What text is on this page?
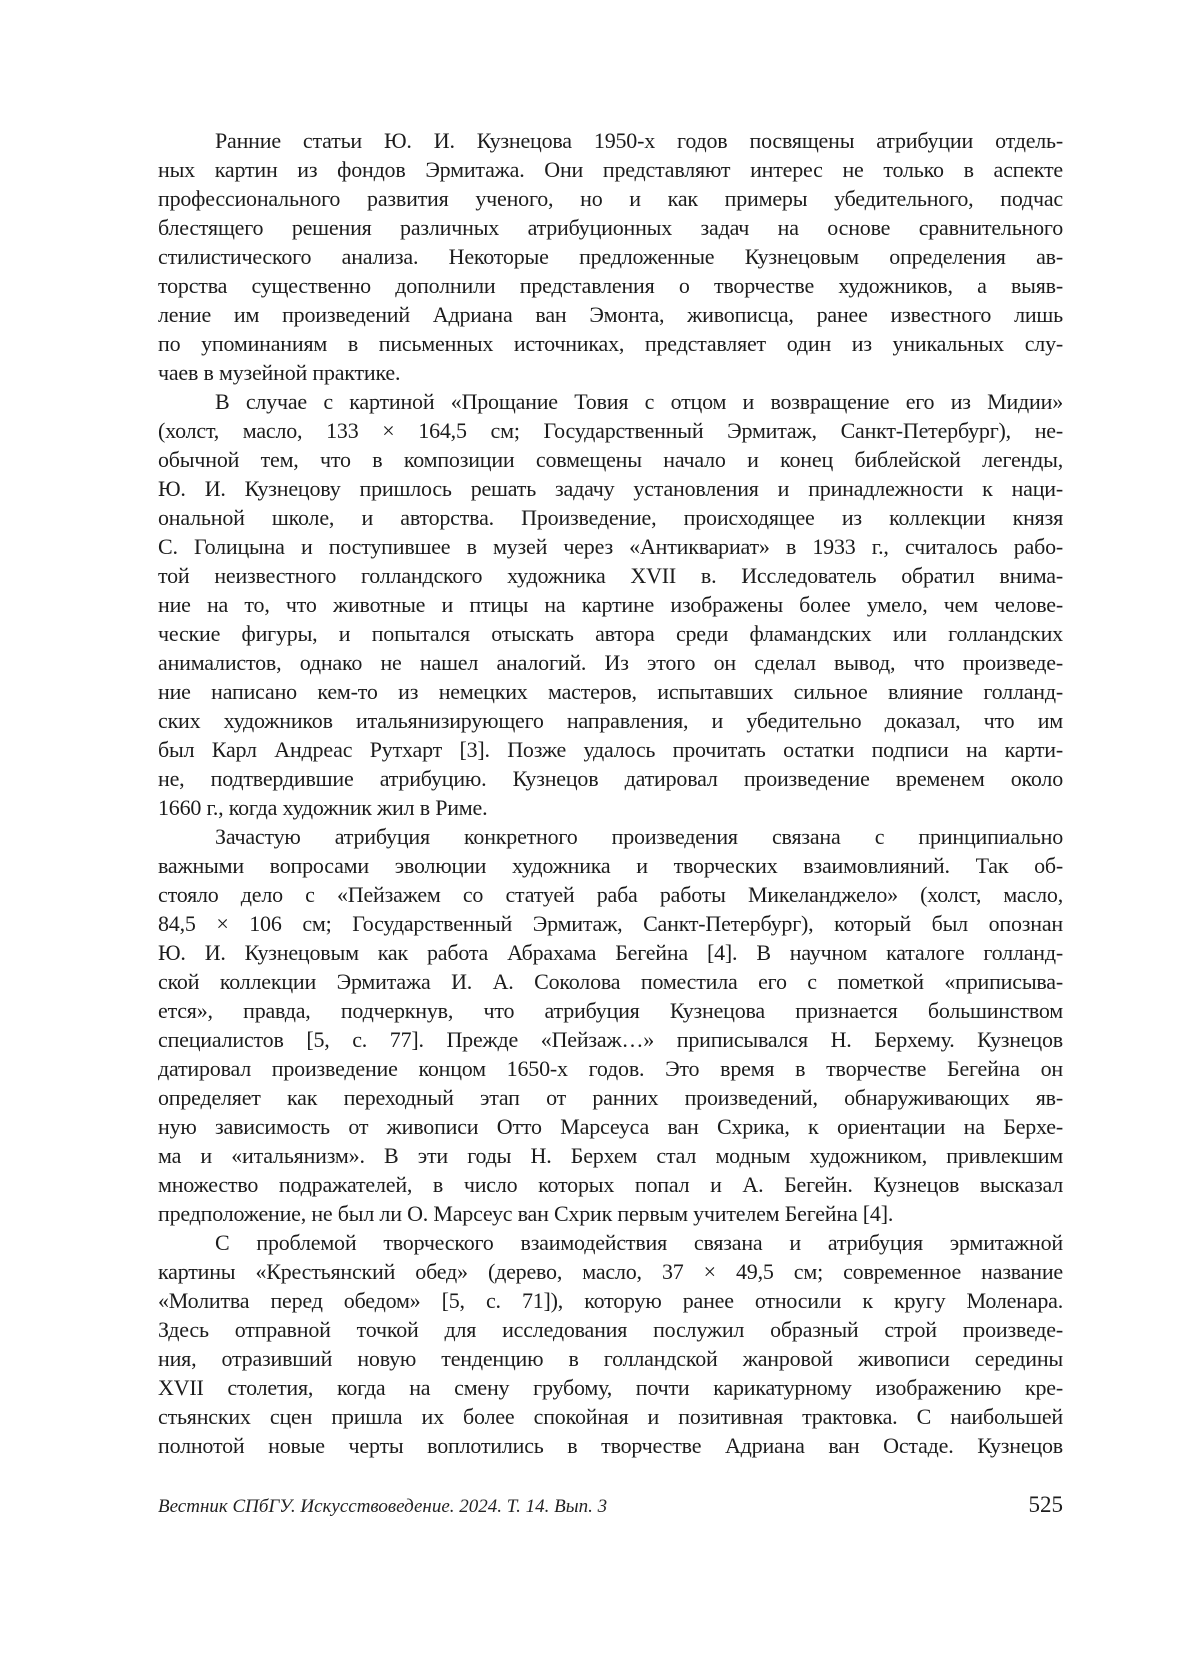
Ранние статьи Ю. И. Кузнецова 1950-х годов посвящены атрибуции отдель-
ных картин из фондов Эрмитажа. Они представляют интерес не только в аспекте
профессионального развития ученого, но и как примеры убедительного, подчас
блестящего решения различных атрибуционных задач на основе сравнительного
стилистического анализа. Некоторые предложенные Кузнецовым определения ав-
торства существенно дополнили представления о творчестве художников, а выяв-
ление им произведений Адриана ван Эмонта, живописца, ранее известного лишь
по упоминаниям в письменных источниках, представляет один из уникальных слу-
чаев в музейной практике.
В случае с картиной «Прощание Товия с отцом и возвращение его из Мидии»
(холст, масло, 133 × 164,5 см; Государственный Эрмитаж, Санкт-Петербург), не-
обычной тем, что в композиции совмещены начало и конец библейской легенды,
Ю. И. Кузнецову пришлось решать задачу установления и принадлежности к наци-
ональной школе, и авторства. Произведение, происходящее из коллекции князя
С. Голицына и поступившее в музей через «Антиквариат» в 1933 г., считалось рабо-
той неизвестного голландского художника XVII в. Исследователь обратил внима-
ние на то, что животные и птицы на картине изображены более умело, чем челове-
ческие фигуры, и попытался отыскать автора среди фламандских или голландских
анималистов, однако не нашел аналогий. Из этого он сделал вывод, что произведе-
ние написано кем-то из немецких мастеров, испытавших сильное влияние голланд-
ских художников итальянизирующего направления, и убедительно доказал, что им
был Карл Андреас Рутхарт [3]. Позже удалось прочитать остатки подписи на карти-
не, подтвердившие атрибуцию. Кузнецов датировал произведение временем около
1660 г., когда художник жил в Риме.
Зачастую атрибуция конкретного произведения связана с принципиально
важными вопросами эволюции художника и творческих взаимовлияний. Так об-
стояло дело с «Пейзажем со статуей раба работы Микеланджело» (холст, масло,
84,5 × 106 см; Государственный Эрмитаж, Санкт-Петербург), который был опознан
Ю. И. Кузнецовым как работа Абрахама Бегейна [4]. В научном каталоге голланд-
ской коллекции Эрмитажа И. А. Соколова поместила его с пометкой «приписыва-
ется», правда, подчеркнув, что атрибуция Кузнецова признается большинством
специалистов [5, с. 77]. Прежде «Пейзаж…» приписывался Н. Берхему. Кузнецов
датировал произведение концом 1650-х годов. Это время в творчестве Бегейна он
определяет как переходный этап от ранних произведений, обнаруживающих яв-
ную зависимость от живописи Отто Марсеуса ван Схрика, к ориентации на Берхе-
ма и «итальянизм». В эти годы Н. Берхем стал модным художником, привлекшим
множество подражателей, в число которых попал и А. Бегейн. Кузнецов высказал
предположение, не был ли О. Марсеус ван Схрик первым учителем Бегейна [4].
С проблемой творческого взаимодействия связана и атрибуция эрмитажной
картины «Крестьянский обед» (дерево, масло, 37 × 49,5 см; современное название
«Молитва перед обедом» [5, с. 71]), которую ранее относили к кругу Моленара.
Здесь отправной точкой для исследования послужил образный строй произведе-
ния, отразивший новую тенденцию в голландской жанровой живописи середины
XVII столетия, когда на смену грубому, почти карикатурному изображению кре-
стьянских сцен пришла их более спокойная и позитивная трактовка. С наибольшей
полнотой новые черты воплотились в творчестве Адриана ван Остаде. Кузнецов
Вестник СПбГУ. Искусствоведение. 2024. Т. 14. Вып. 3	525
